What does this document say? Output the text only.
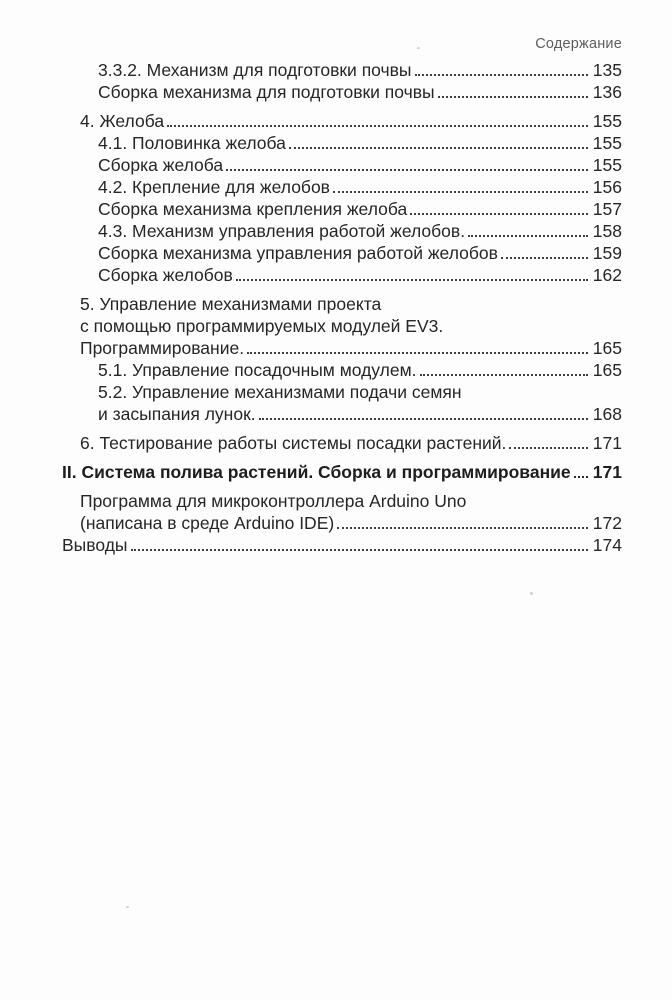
Содержание
3.3.2. Механизм для подготовки почвы	135
Сборка механизма для подготовки почвы	136
4. Желоба	155
4.1. Половинка желоба	155
Сборка желоба	155
4.2. Крепление для желобов	156
Сборка механизма крепления желоба	157
4.3. Механизм управления работой желобов.	158
Сборка механизма управления работой желобов	159
Сборка желобов	162
5. Управление механизмами проекта
с помощью программируемых модулей EV3.
Программирование.	165
5.1. Управление посадочным модулем.	165
5.2. Управление механизмами подачи семян
и засыпания лунок.	168
6. Тестирование работы системы посадки растений.	171
II. Система полива растений. Сборка и программирование 171
Программа для микроконтроллера Arduino Uno
(написана в среде Arduino IDE)	172
Выводы	174
